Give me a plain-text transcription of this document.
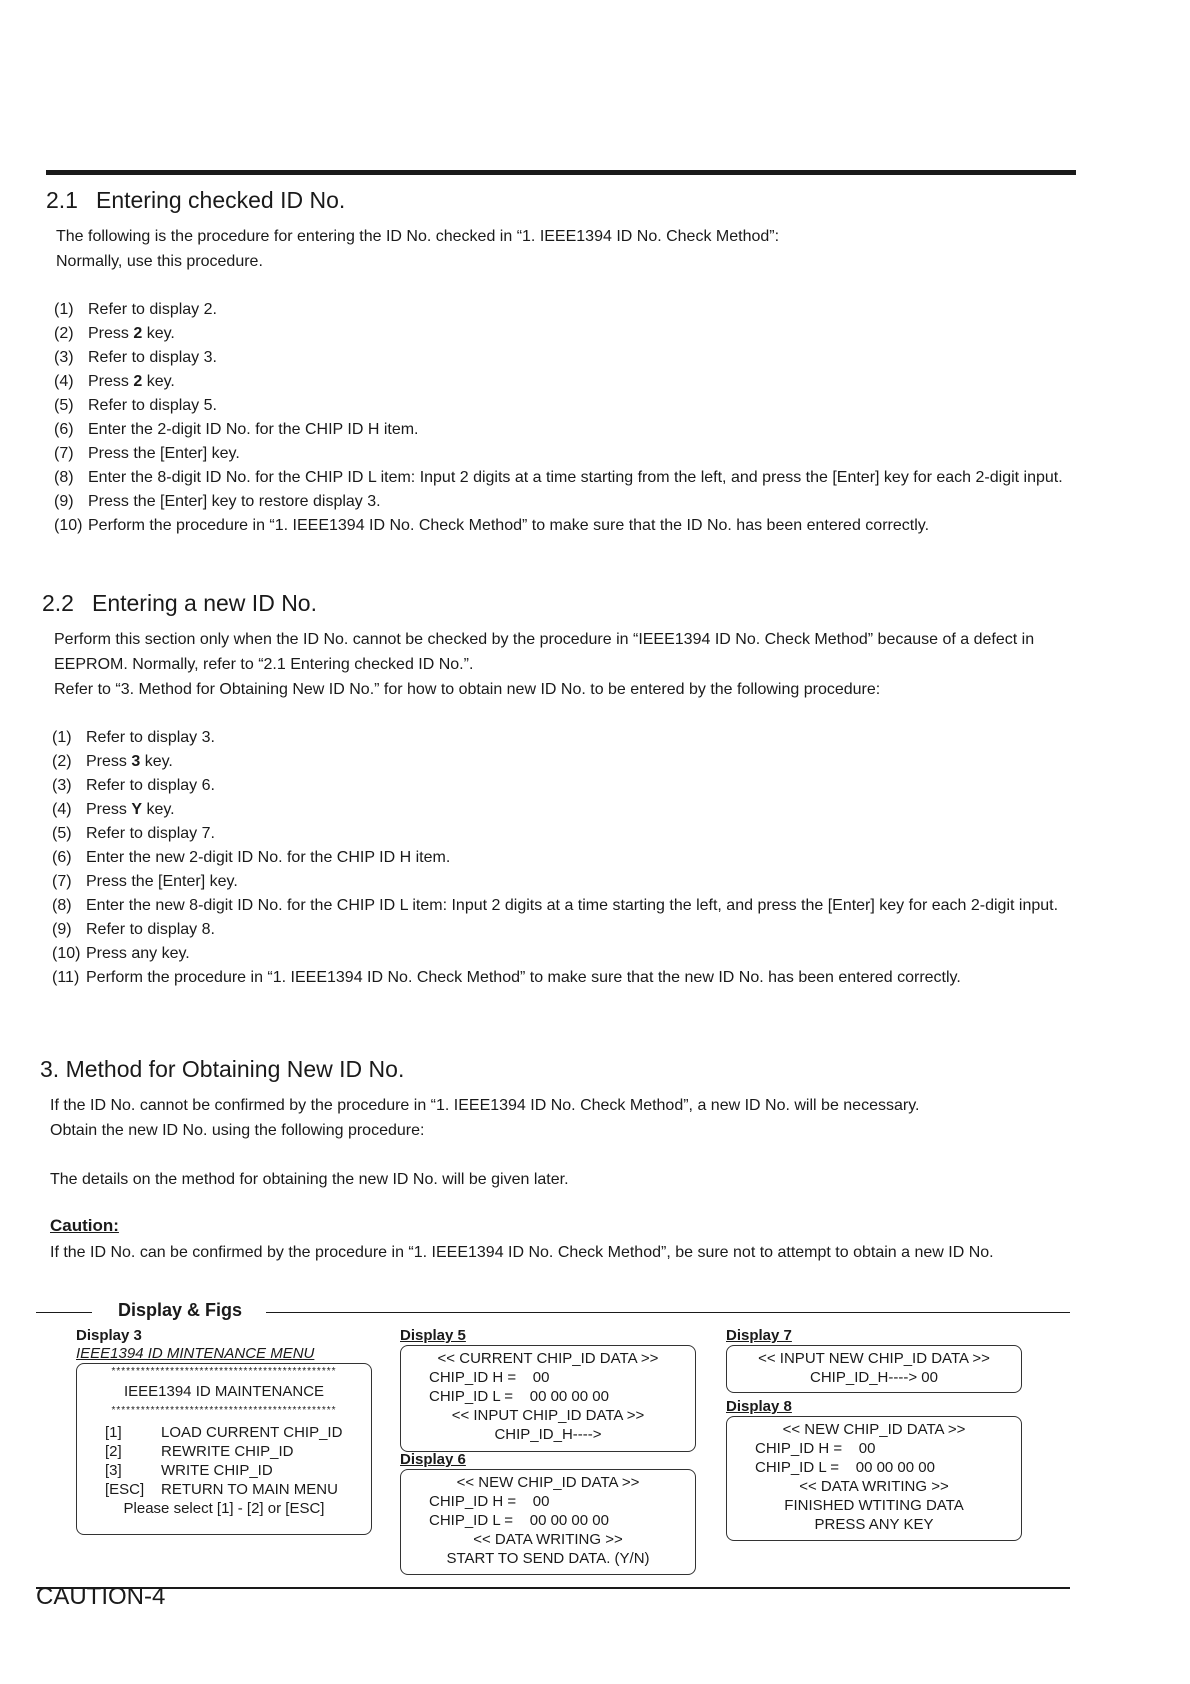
2.1 Entering checked ID No.

The following is the procedure for entering the ID No. checked in “1. IEEE1394 ID No. Check Method”:

Normally, use this procedure.

(1) Refer to display 2.
(2) Press 2 key.
(3) Refer to display 3.
(4) Press 2 key.
(5) Refer to display 5.
(6) Enter the 2-digit ID No. for the CHIP ID H item.
(7) Press the [Enter] key.
(8) Enter the 8-digit ID No. for the CHIP ID L item: Input 2 digits at a time starting from the left, and press the [Enter] key for each 2-digit input.
(9) Press the [Enter] key to restore display 3.
(10) Perform the procedure in “1. IEEE1394 ID No. Check Method” to make sure that the ID No. has been entered correctly.
2.2 Entering a new ID No.

Perform this section only when the ID No. cannot be checked by the procedure in “IEEE1394 ID No. Check Method” because of a defect in EEPROM. Normally, refer to “2.1 Entering checked ID No.”.

Refer to “3. Method for Obtaining New ID No.” for how to obtain new ID No. to be entered by the following procedure:

(1) Refer to display 3.
(2) Press 3 key.
(3) Refer to display 6.
(4) Press Y key.
(5) Refer to display 7.
(6) Enter the new 2-digit ID No. for the CHIP ID H item.
(7) Press the [Enter] key.
(8) Enter the new 8-digit ID No. for the CHIP ID L item: Input 2 digits at a time starting the left, and press the [Enter] key for each 2-digit input.
(9) Refer to display 8.
(10) Press any key.
(11) Perform the procedure in “1. IEEE1394 ID No. Check Method” to make sure that the new ID No. has been entered correctly.
3. Method for Obtaining New ID No.

If the ID No. cannot be confirmed by the procedure in “1. IEEE1394 ID No. Check Method”, a new ID No. will be necessary.

Obtain the new ID No. using the following procedure:

The details on the method for obtaining the new ID No. will be given later.

Caution:

If the ID No. can be confirmed by the procedure in “1. IEEE1394 ID No. Check Method”, be sure not to attempt to obtain a new ID No.

Display & Figs
Display 3
IEEE1394 ID MINTENANCE MENU
**********************************************
IEEE1394 ID MAINTENANCE
**********************************************
[1]	LOAD CURRENT CHIP_ID
[2]	REWRITE CHIP_ID
[3]	WRITE CHIP_ID
[ESC]	RETURN TO MAIN MENU
Please select [1] - [2] or [ESC]
Display 5
<< CURRENT CHIP_ID DATA >>
CHIP_ID H =    00
CHIP_ID L =    00 00 00 00
<< INPUT CHIP_ID DATA >>
CHIP_ID_H---->
Display 6
<< NEW CHIP_ID DATA >>
CHIP_ID H =    00
CHIP_ID L =    00 00 00 00
<< DATA WRITING >>
START TO SEND DATA. (Y/N)
Display 7
<< INPUT NEW CHIP_ID DATA >>
CHIP_ID_H----> 00
Display 8
<< NEW CHIP_ID DATA >>
CHIP_ID H =    00
CHIP_ID L =    00 00 00 00
<< DATA WRITING >>
FINISHED WTITING DATA
PRESS ANY KEY
CAUTION-4
